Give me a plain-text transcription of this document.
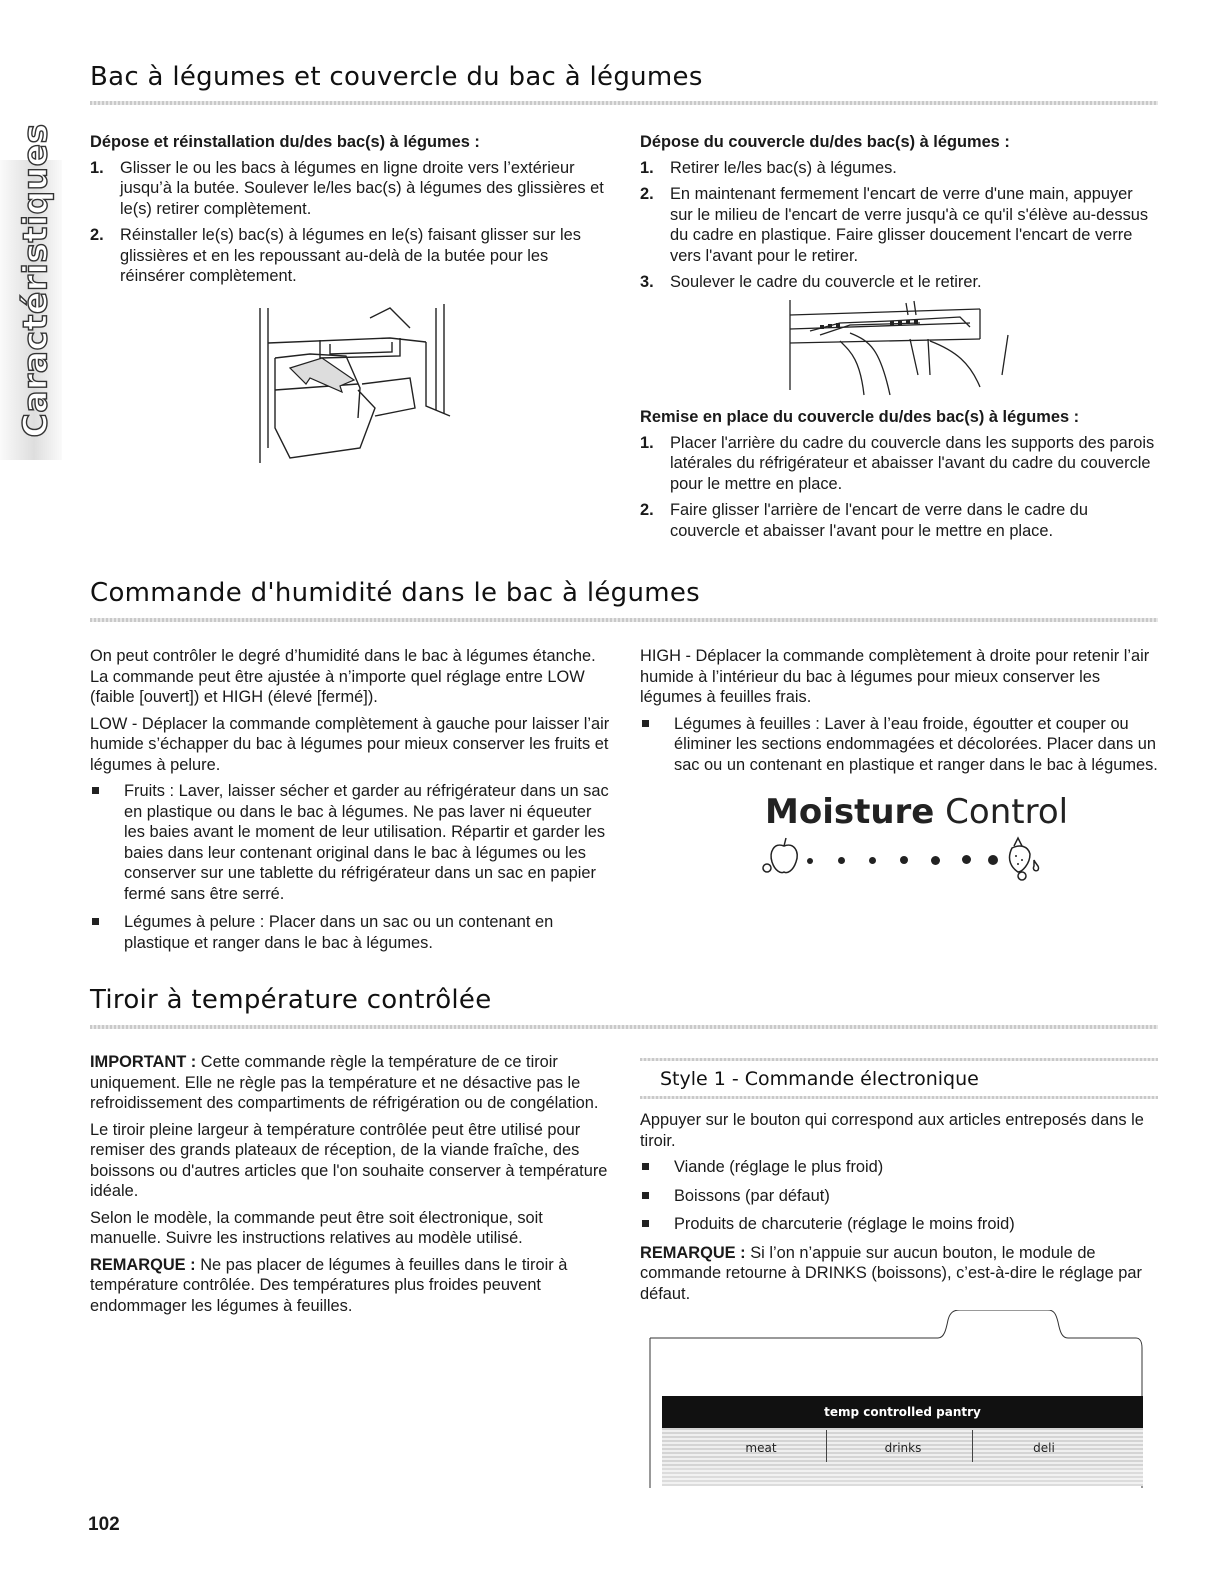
Caractéristiques
Bac à légumes et couvercle du bac à légumes
Dépose et réinstallation du/des bac(s) à légumes :
1. Glisser le ou les bacs à légumes en ligne droite vers l’extérieur jusqu’à la butée. Soulever le/les bac(s) à légumes des glissières et le(s) retirer complètement.
2. Réinstaller le(s) bac(s) à légumes en le(s) faisant glisser sur les glissières et en les repoussant au-delà de la butée pour les réinsérer complètement.
Dépose du couvercle du/des bac(s) à légumes :
1. Retirer le/les bac(s) à légumes.
2. En maintenant fermement l'encart de verre d'une main, appuyer sur le milieu de l'encart de verre jusqu'à ce qu'il s'élève au-dessus du cadre en plastique. Faire glisser doucement l'encart de verre vers l'avant pour le retirer.
3. Soulever le cadre du couvercle et le retirer.
Remise en place du couvercle du/des bac(s) à légumes :
1. Placer l'arrière du cadre du couvercle dans les supports des parois latérales du réfrigérateur et abaisser l'avant du cadre du couvercle pour le mettre en place.
2. Faire glisser l'arrière de l'encart de verre dans le cadre du couvercle et abaisser l'avant pour le mettre en place.
Commande d'humidité dans le bac à légumes

On peut contrôler le degré d’humidité dans le bac à légumes étanche. La commande peut être ajustée à n’importe quel réglage entre LOW (faible [ouvert]) et HIGH (élevé [fermé]).

LOW - Déplacer la commande complètement à gauche pour laisser l’air humide s’échapper du bac à légumes pour mieux conserver les fruits et légumes à pelure.

Fruits : Laver, laisser sécher et garder au réfrigérateur dans un sac en plastique ou dans le bac à légumes. Ne pas laver ni équeuter les baies avant le moment de leur utilisation. Répartir et garder les baies dans leur contenant original dans le bac à légumes ou les conserver sur une tablette du réfrigérateur dans un sac en papier fermé sans être serré.
Légumes à pelure : Placer dans un sac ou un contenant en plastique et ranger dans le bac à légumes.

HIGH - Déplacer la commande complètement à droite pour retenir l’air humide à l’intérieur du bac à légumes pour mieux conserver les légumes à feuilles frais.

Légumes à feuilles : Laver à l’eau froide, égoutter et couper ou éliminer les sections endommagées et décolorées. Placer dans un sac ou un contenant en plastique et ranger dans le bac à légumes.
Moisture Control
Tiroir à température contrôlée

IMPORTANT : Cette commande règle la température de ce tiroir uniquement. Elle ne règle pas la température et ne désactive pas le refroidissement des compartiments de réfrigération ou de congélation.

Le tiroir pleine largeur à température contrôlée peut être utilisé pour remiser des grands plateaux de réception, de la viande fraîche, des boissons ou d'autres articles que l'on souhaite conserver à température idéale.

Selon le modèle, la commande peut être soit électronique, soit manuelle. Suivre les instructions relatives au modèle utilisé.

REMARQUE : Ne pas placer de légumes à feuilles dans le tiroir à température contrôlée. Des températures plus froides peuvent endommager les légumes à feuilles.

Style 1 - Commande électronique

Appuyer sur le bouton qui correspond aux articles entreposés dans le tiroir.

Viande (réglage le plus froid)
Boissons (par défaut)
Produits de charcuterie (réglage le moins froid)

REMARQUE : Si l’on n’appuie sur aucun bouton, le module de commande retourne à DRINKS (boissons), c’est-à-dire le réglage par défaut.

temp controlled pantry
meat	drinks	deli
102
